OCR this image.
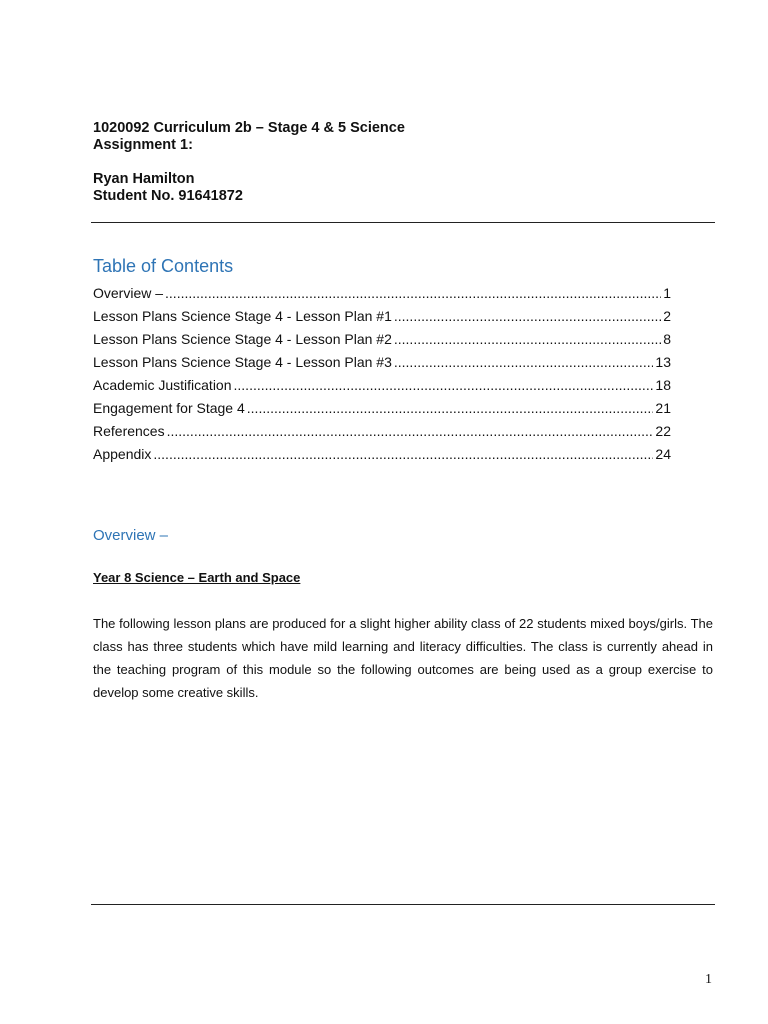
1020092 Curriculum 2b – Stage 4 & 5 Science
Assignment 1:
Ryan Hamilton
Student No. 91641872
Table of Contents
Overview – .....	1
Lesson Plans Science Stage 4 - Lesson Plan #1 .....	2
Lesson Plans Science Stage 4 - Lesson Plan #2 .....	8
Lesson Plans Science Stage 4 - Lesson Plan #3 .....	13
Academic Justification .....	18
Engagement for Stage 4 .....	21
References .....	22
Appendix .....	24
Overview –
Year 8 Science – Earth and Space
The following lesson plans are produced for a slight higher ability class of 22 students mixed boys/girls. The class has three students which have mild learning and literacy difficulties. The class is currently ahead in the teaching program of this module so the following outcomes are being used as a group exercise to develop some creative skills.
1
